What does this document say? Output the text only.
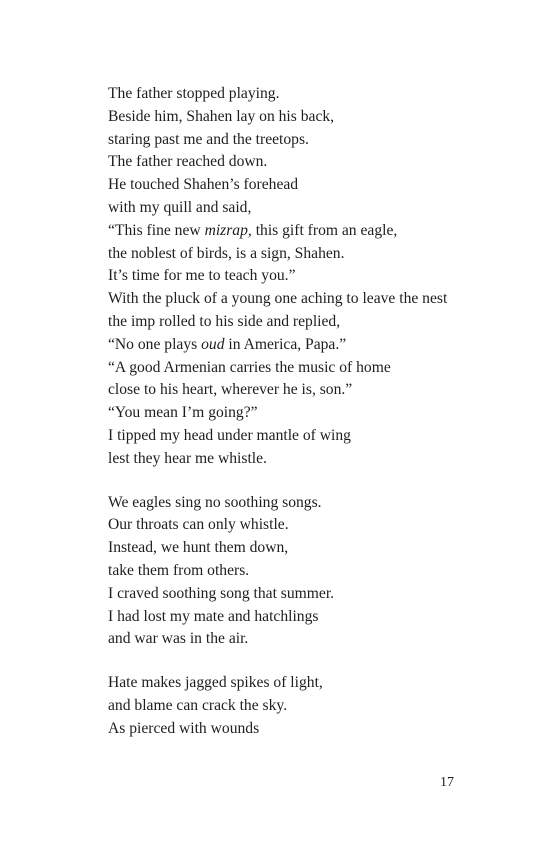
The father stopped playing.
Beside him, Shahen lay on his back,
staring past me and the treetops.
The father reached down.
He touched Shahen’s forehead
with my quill and said,
“This fine new mizrap, this gift from an eagle,
the noblest of birds, is a sign, Shahen.
It’s time for me to teach you.”
With the pluck of a young one aching to leave the nest
the imp rolled to his side and replied,
“No one plays oud in America, Papa.”
“A good Armenian carries the music of home
close to his heart, wherever he is, son.”
“You mean I’m going?”
I tipped my head under mantle of wing
lest they hear me whistle.
We eagles sing no soothing songs.
Our throats can only whistle.
Instead, we hunt them down,
take them from others.
I craved soothing song that summer.
I had lost my mate and hatchlings
and war was in the air.
Hate makes jagged spikes of light,
and blame can crack the sky.
As pierced with wounds
17
